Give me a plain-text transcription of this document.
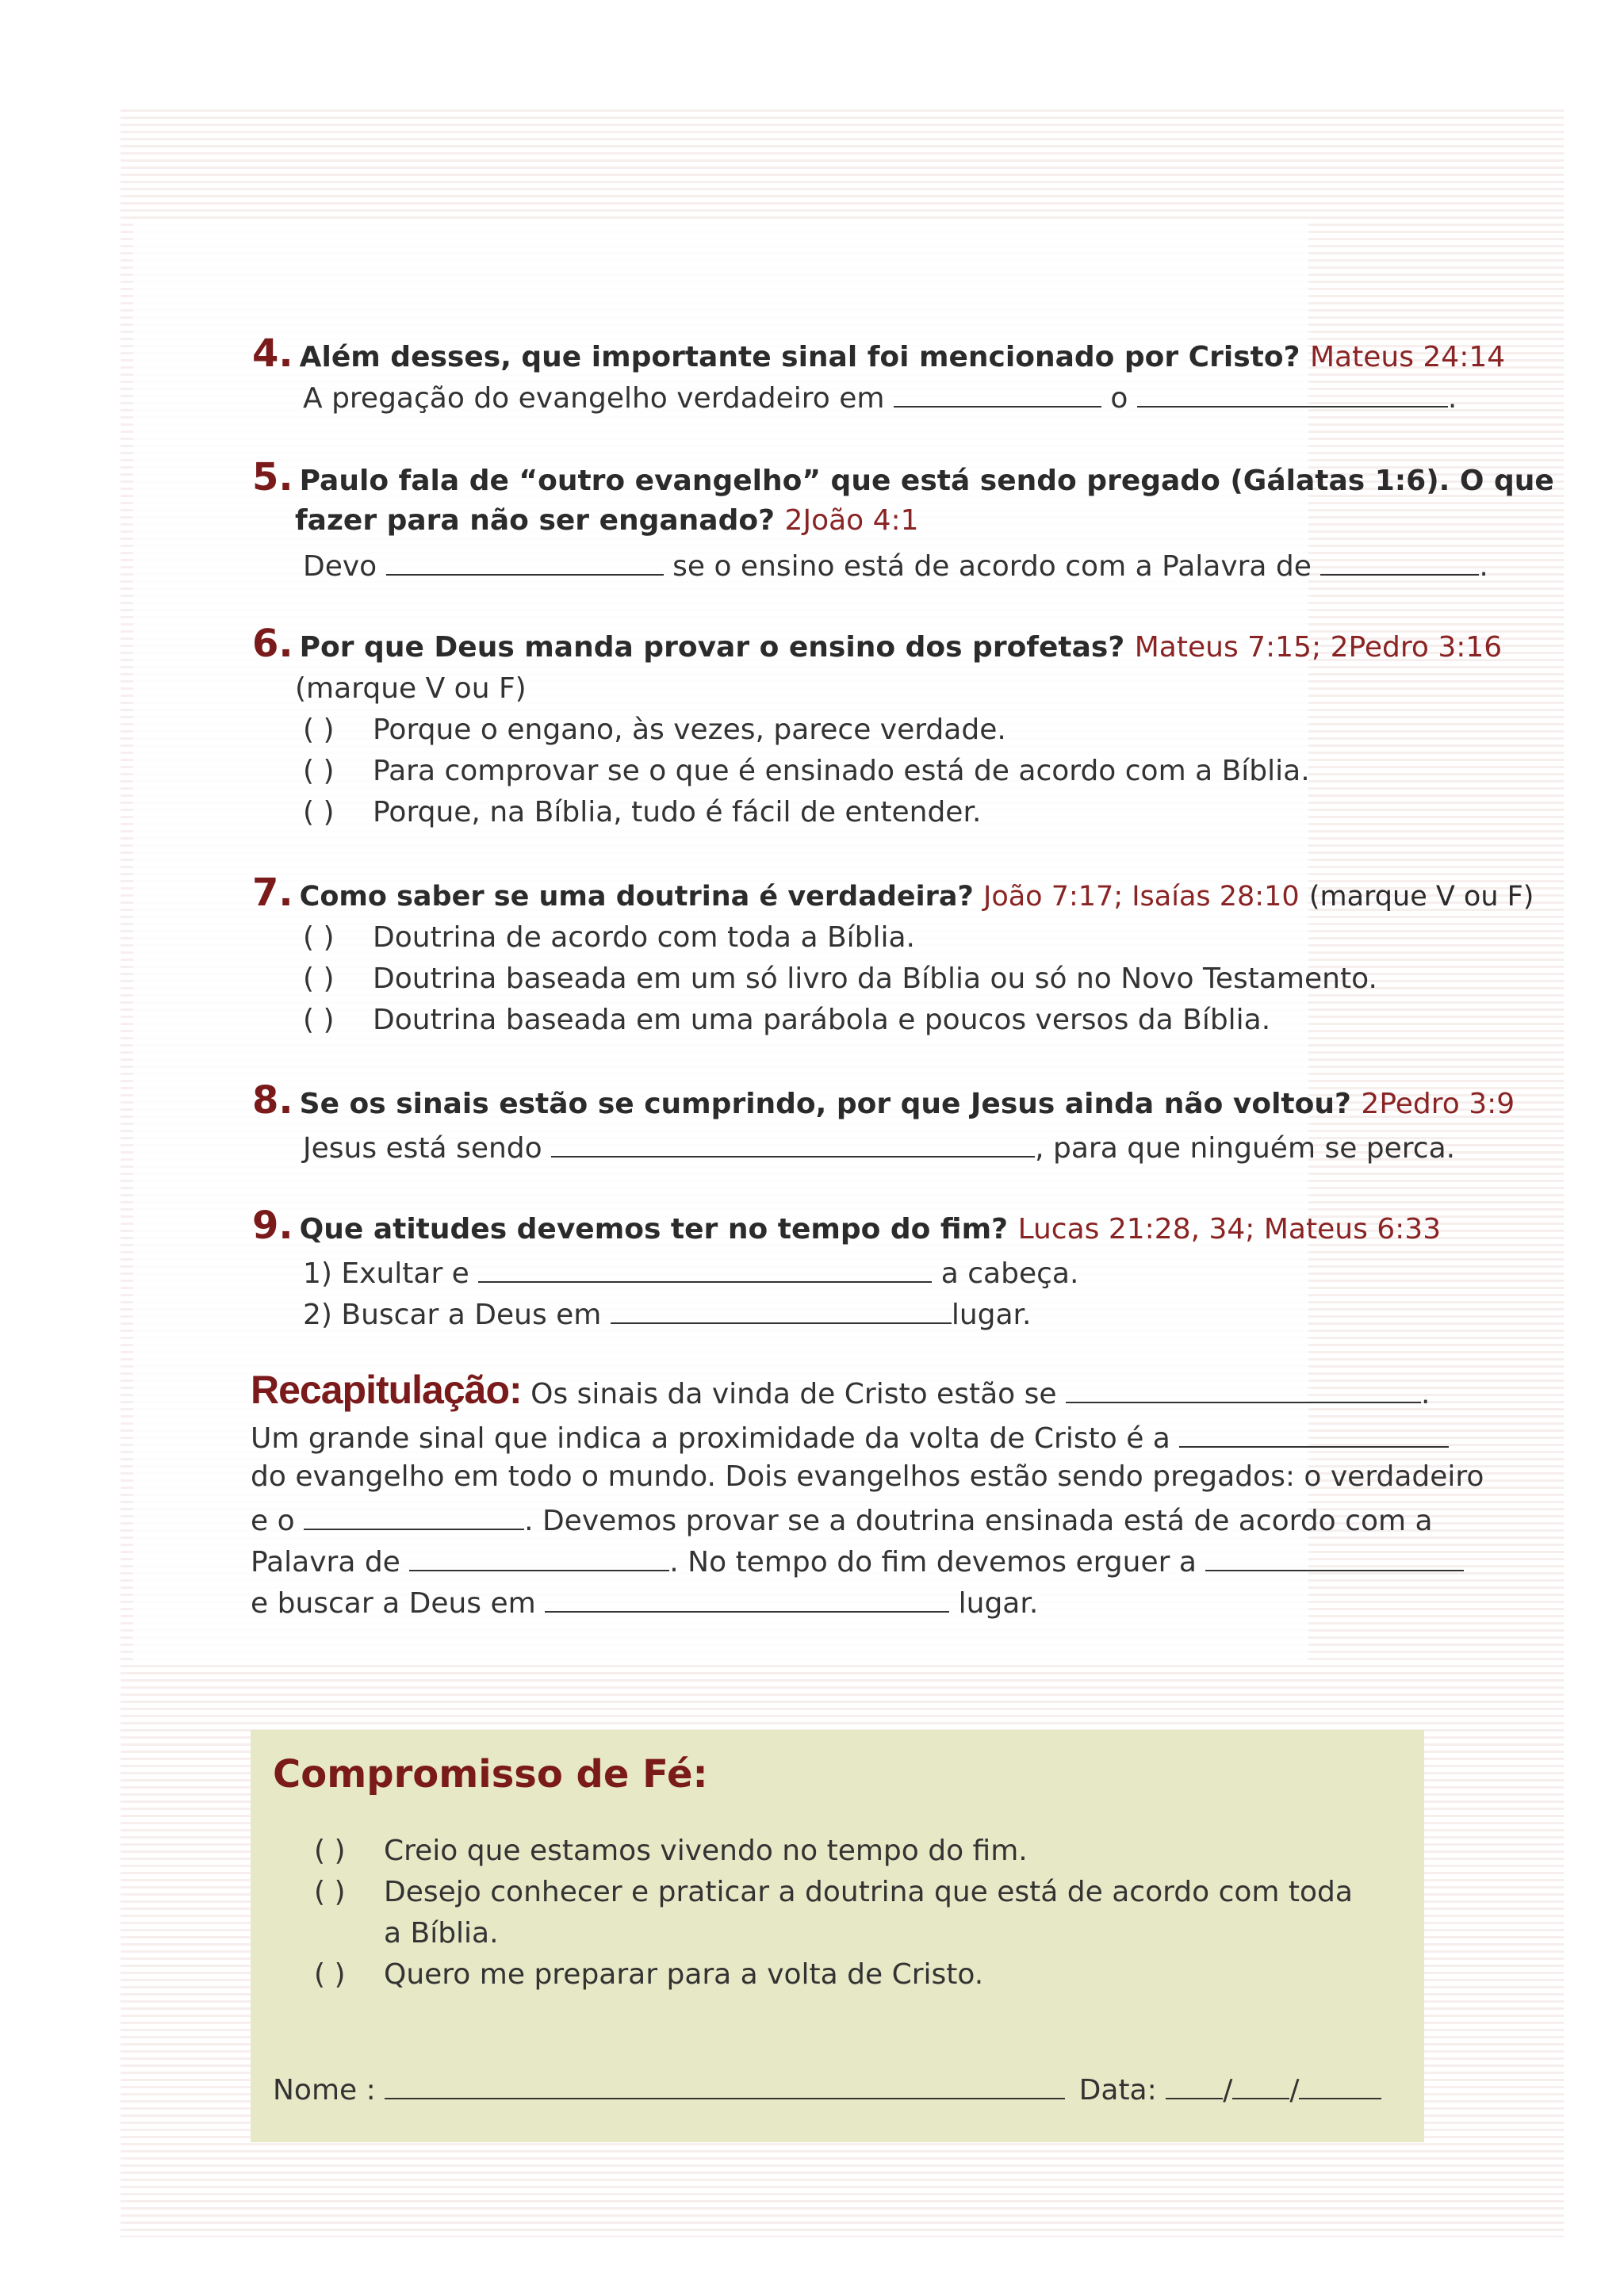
4. Além desses, que importante sinal foi mencionado por Cristo? Mateus 24:14
A pregação do evangelho verdadeiro em	o	.
5. Paulo fala de “outro evangelho” que está sendo pregado (Gálatas 1:6). O que
fazer para não ser enganado? 2João 4:1
Devo	se o ensino está de acordo com a Palavra de	.
6. Por que Deus manda provar o ensino dos profetas? Mateus 7:15; 2Pedro 3:16
(marque V ou F)
( ) Porque o engano, às vezes, parece verdade.
( ) Para comprovar se o que é ensinado está de acordo com a Bíblia.
( ) Porque, na Bíblia, tudo é fácil de entender.
7. Como saber se uma doutrina é verdadeira? João 7:17; Isaías 28:10 (marque V ou F)
( ) Doutrina de acordo com toda a Bíblia.
( ) Doutrina baseada em um só livro da Bíblia ou só no Novo Testamento.
( ) Doutrina baseada em uma parábola e poucos versos da Bíblia.
8. Se os sinais estão se cumprindo, por que Jesus ainda não voltou? 2Pedro 3:9
Jesus está sendo	, para que ninguém se perca.
9. Que atitudes devemos ter no tempo do fim? Lucas 21:28, 34; Mateus 6:33
1) Exultar e	a cabeça.
2) Buscar a Deus em	lugar.
Recapitulação: Os sinais da vinda de Cristo estão se	.
Um grande sinal que indica a proximidade da volta de Cristo é a
do evangelho em todo o mundo. Dois evangelhos estão sendo pregados: o verdadeiro
e o	. Devemos provar se a doutrina ensinada está de acordo com a
Palavra de	. No tempo do fim devemos erguer a
e buscar a Deus em	lugar.
Compromisso de Fé:
( ) Creio que estamos vivendo no tempo do fim.
( ) Desejo conhecer e praticar a doutrina que está de acordo com toda
a Bíblia.
( ) Quero me preparar para a volta de Cristo.
Nome :	Data: / /
